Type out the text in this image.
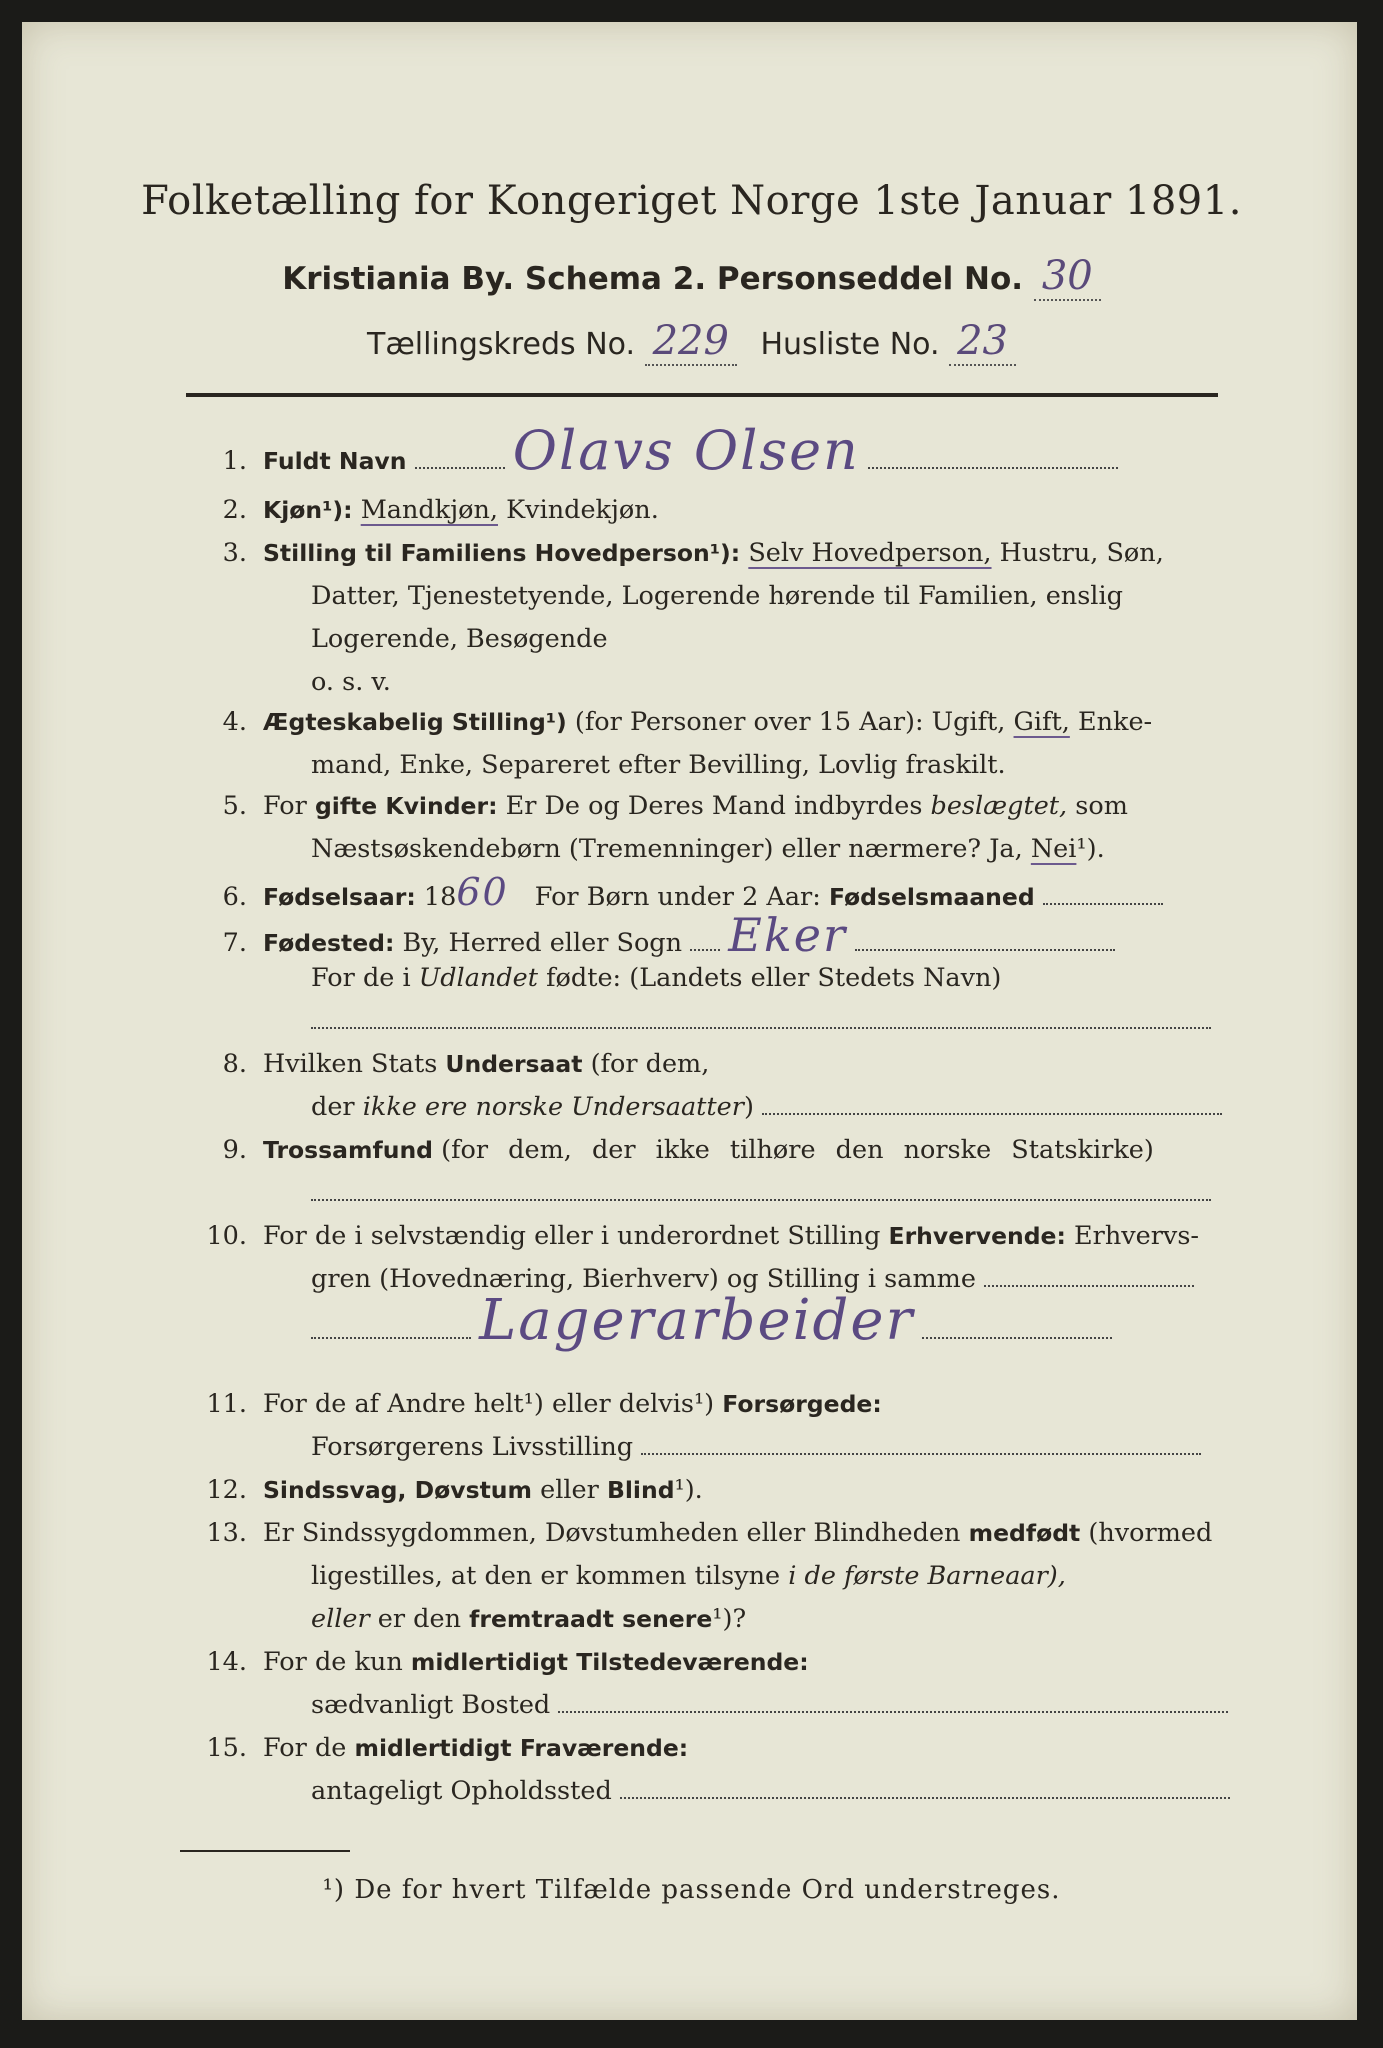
Folketælling for Kongeriget Norge 1ste Januar 1891.
Kristiania By. Schema 2. Personseddel No. 30
Tællingskreds No. 229 Husliste No. 23
1. Fuldt Navn Olavs Olsen
2. Kjøn¹): Mandkjøn, Kvindekjøn.
3. Stilling til Familiens Hovedperson¹): Selv Hovedperson, Hustru, Søn,
Datter, Tjenestetyende, Logerende hørende til Familien, enslig
Logerende, Besøgende
o. s. v.
4. Ægteskabelig Stilling¹) (for Personer over 15 Aar): Ugift, Gift, Enke-
mand, Enke, Separeret efter Bevilling, Lovlig fraskilt.
5. For gifte Kvinder: Er De og Deres Mand indbyrdes beslægtet, som
Næstsøskendebørn (Tremenninger) eller nærmere? Ja, Nei¹).
6. Fødselsaar: 1860 For Børn under 2 Aar: Fødselsmaaned
7. Fødested: By, Herred eller Sogn Eker
For de i Udlandet fødte: (Landets eller Stedets Navn)
8. Hvilken Stats Undersaat (for dem,
der ikke ere norske Undersaatter)
9. Trossamfund (for dem, der ikke tilhøre den norske Statskirke)
10. For de i selvstændig eller i underordnet Stilling Erhvervende: Erhvervs-
gren (Hovednæring, Bierhverv) og Stilling i samme
Lagerarbeider
11. For de af Andre helt¹) eller delvis¹) Forsørgede:
Forsørgerens Livsstilling
12. Sindssvag, Døvstum eller Blind¹).
13. Er Sindssygdommen, Døvstumheden eller Blindheden medfødt (hvormed
ligestilles, at den er kommen tilsyne i de første Barneaar),
eller er den fremtraadt senere¹)?
14. For de kun midlertidigt Tilstedeværende:
sædvanligt Bosted
15. For de midlertidigt Fraværende:
antageligt Opholdssted
¹) De for hvert Tilfælde passende Ord understreges.
